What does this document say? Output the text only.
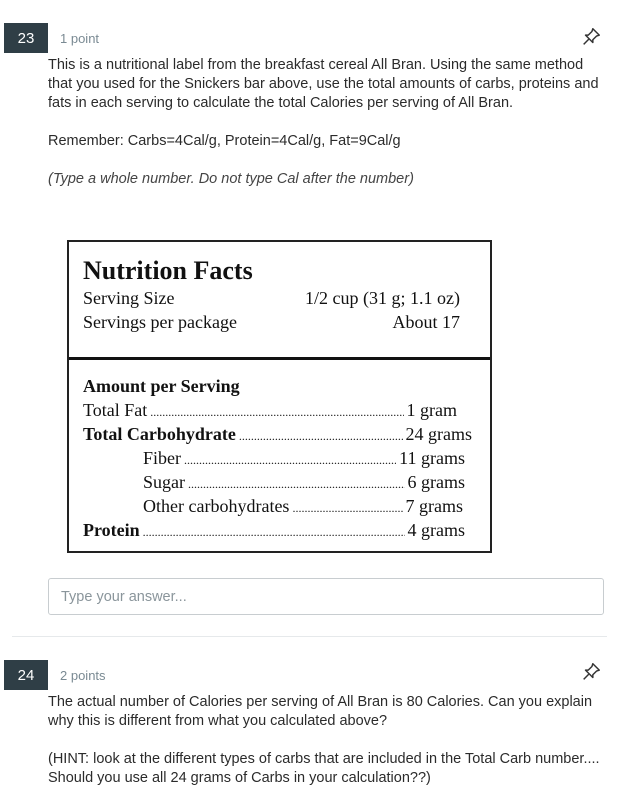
23	1 point

This is a nutritional label from the breakfast cereal All Bran. Using the same method that you used for the Snickers bar above, use the total amounts of carbs, proteins and fats in each serving to calculate the total Calories per serving of All Bran.

Remember: Carbs=4Cal/g, Protein=4Cal/g, Fat=9Cal/g

(Type a whole number. Do not type Cal after the number)

Nutrition Facts
Serving Size	1/2 cup (31 g; 1.1 oz)
Servings per package	About 17
Amount per Serving
Total Fat .....	1 gram
Total Carbohydrate .....	24 grams
Fiber .....	11 grams
Sugar .....	6 grams
Other carbohydrates .....	7 grams
Protein .....	4 grams
Type your answer...
24	2 points

The actual number of Calories per serving of All Bran is 80 Calories. Can you explain why this is different from what you calculated above?

(HINT: look at the different types of carbs that are included in the Total Carb number.... Should you use all 24 grams of Carbs in your calculation??)
